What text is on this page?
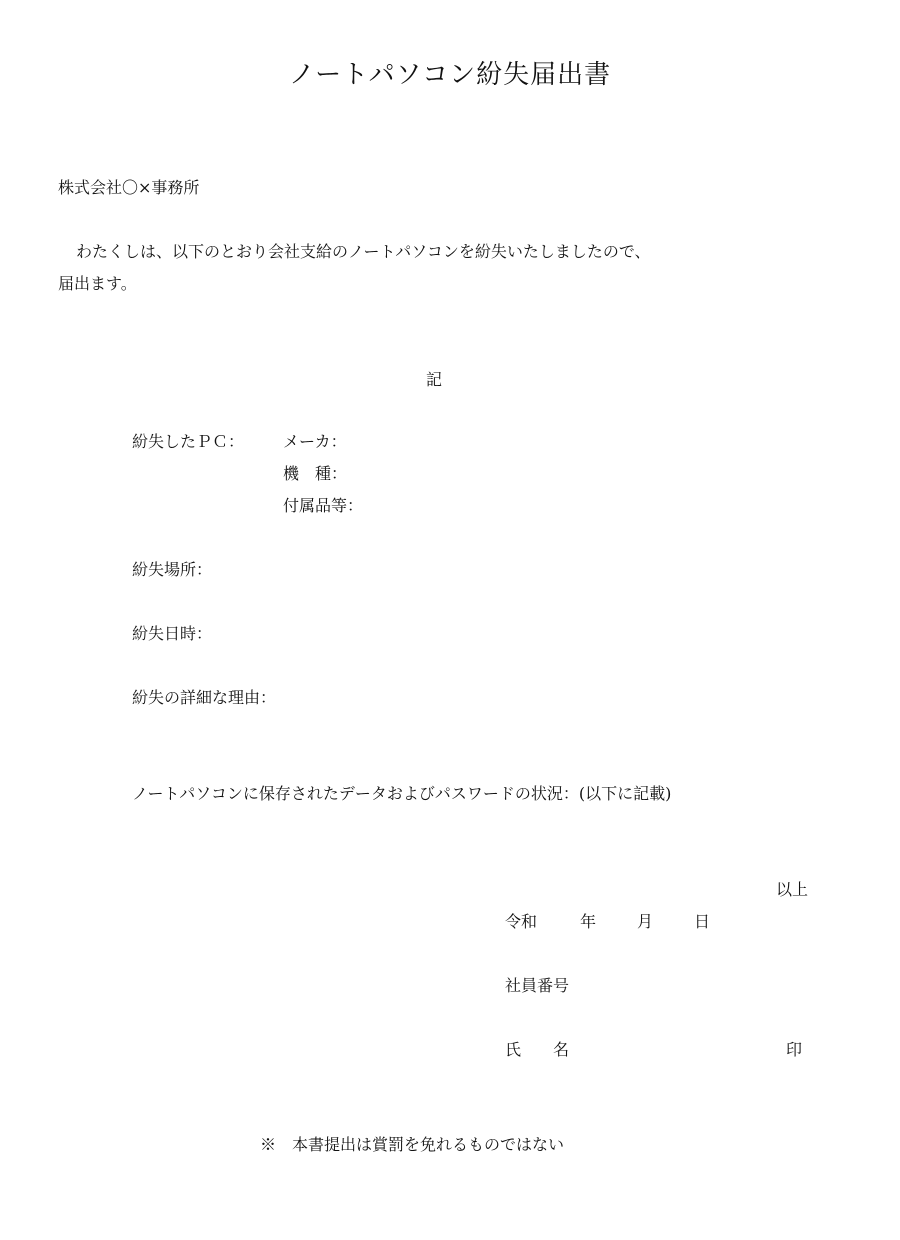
ノートパソコン紛失届出書
株式会社〇×事務所
わたくしは、以下のとおり会社支給のノートパソコンを紛失いたしましたので、
届出ます。
記
紛失したＰＣ： メーカ：
機　種：
付属品等：
紛失場所：
紛失日時：
紛失の詳細な理由：
ノートパソコンに保存されたデータおよびパスワードの状況：(以下に記載)
以上
令和	年	月	日
社員番号
氏　　名	印
※　本書提出は賞罰を免れるものではない
